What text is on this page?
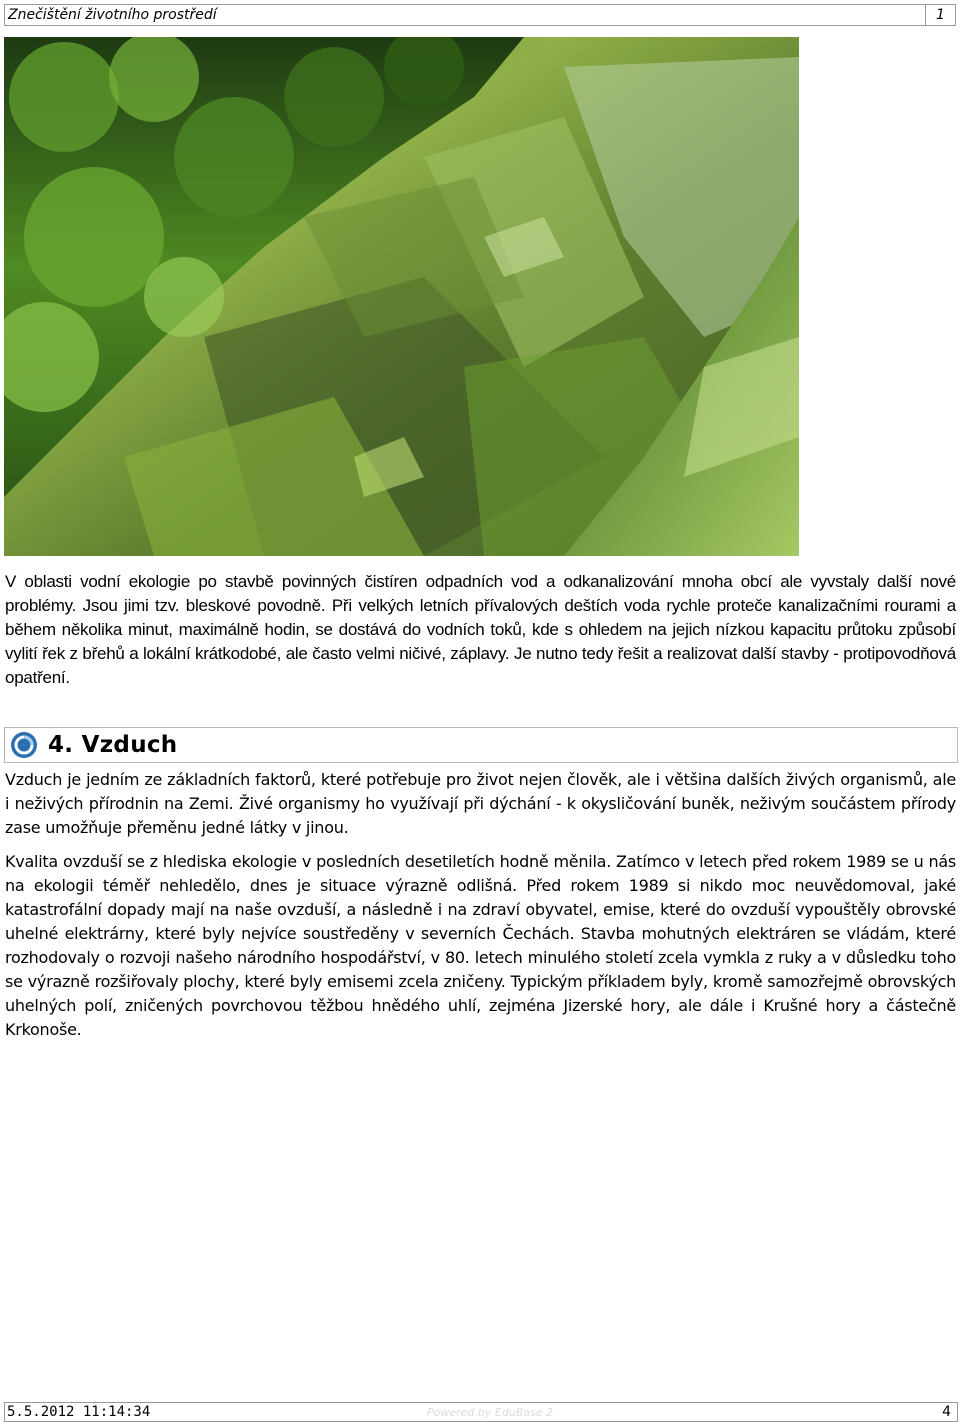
Znečištění životního prostředí	1

V oblasti vodní ekologie po stavbě povinných čistíren odpadních vod a odkanalizování mnoha obcí ale vyvstaly další nové problémy. Jsou jimi tzv. bleskové povodně. Při velkých letních přívalových deštích voda rychle proteče kanalizačními rourami a během několika minut, maximálně hodin, se dostává do vodních toků, kde s ohledem na jejich nízkou kapacitu průtoku způsobí vylití řek z břehů a lokální krátkodobé, ale často velmi ničivé, záplavy. Je nutno tedy řešit a realizovat další stavby - protipovodňová opatření.

4. Vzduch

Vzduch je jedním ze základních faktorů, které potřebuje pro život nejen člověk, ale i většina dalších živých organismů, ale i neživých přírodnin na Zemi. Živé organismy ho využívají při dýchání - k okysličování buněk, neživým součástem přírody zase umožňuje přeměnu jedné látky v jinou.

Kvalita ovzduší se z hlediska ekologie v posledních desetiletích hodně měnila. Zatímco v letech před rokem 1989 se u nás na ekologii téměř nehledělo, dnes je situace výrazně odlišná. Před rokem 1989 si nikdo moc neuvědomoval, jaké katastrofální dopady mají na naše ovzduší, a následně i na zdraví obyvatel, emise, které do ovzduší vypouštěly obrovské uhelné elektrárny, které byly nejvíce soustředěny v severních Čechách. Stavba mohutných elektráren se vládám, které rozhodovaly o rozvoji našeho národního hospodářství, v 80. letech minulého století zcela vymkla z ruky a v důsledku toho se výrazně rozšiřovaly plochy, které byly emisemi zcela zničeny. Typickým příkladem byly, kromě samozřejmě obrovských uhelných polí, zničených povrchovou těžbou hnědého uhlí, zejména Jizerské hory, ale dále i Krušné hory a částečně Krkonoše.

5.5.2012 11:14:34	Powered by EduBase 2	4
